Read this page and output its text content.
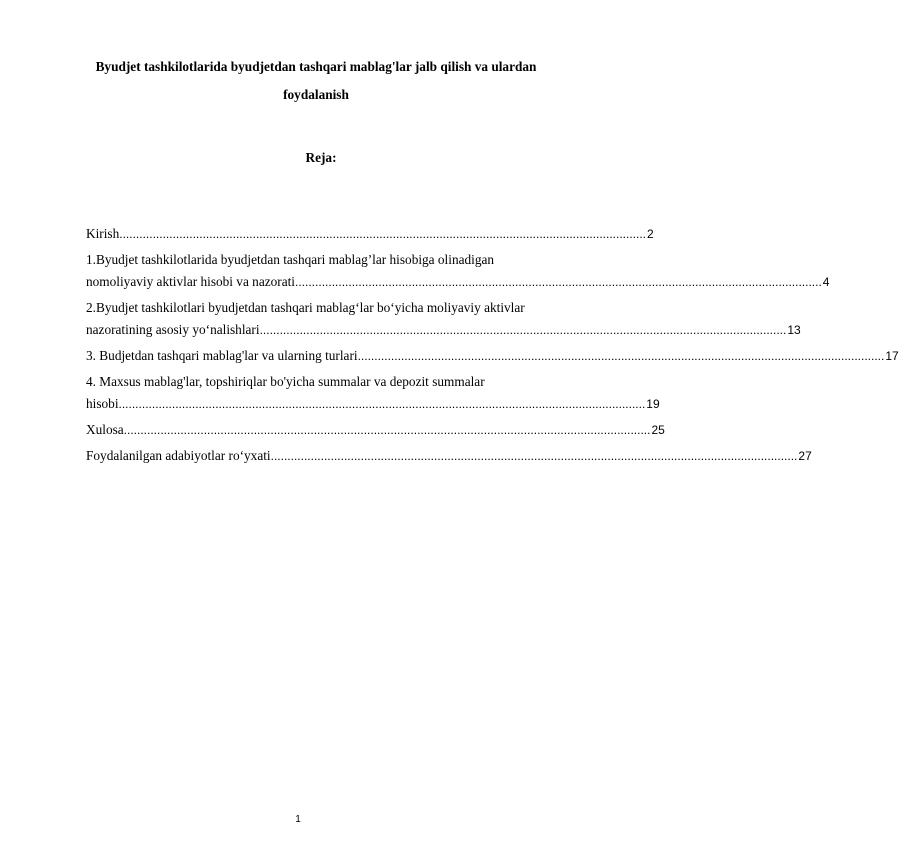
Byudjet tashkilotlarida byudjetdan tashqari mablag'lar jalb qilish va ulardan foydalanish
Reja:
Kirish .............................................................................................................................................................. 2
1.Byudjet tashkilotlarida byudjetdan tashqari mablag’lar hisobiga olinadigan
nomoliyaviy aktivlar hisobi va nazorati .............................................................................................................................................................. 4
2.Byudjet tashkilotlari byudjetdan tashqari mablag‘lar bo‘yicha moliyaviy aktivlar
nazoratining asosiy yo‘nalishlari .............................................................................................................................................................. 13
3. Budjetdan tashqari mablag'lar va ularning turlari .............................................................................................................................................................. 17
4. Maxsus mablag'lar, topshiriqlar bo'yicha summalar va depozit summalar
hisobi .............................................................................................................................................................. 19
Xulosa .............................................................................................................................................................. 25
Foydalanilgan adabiyotlar ro‘yxati .............................................................................................................................................................. 27
1
